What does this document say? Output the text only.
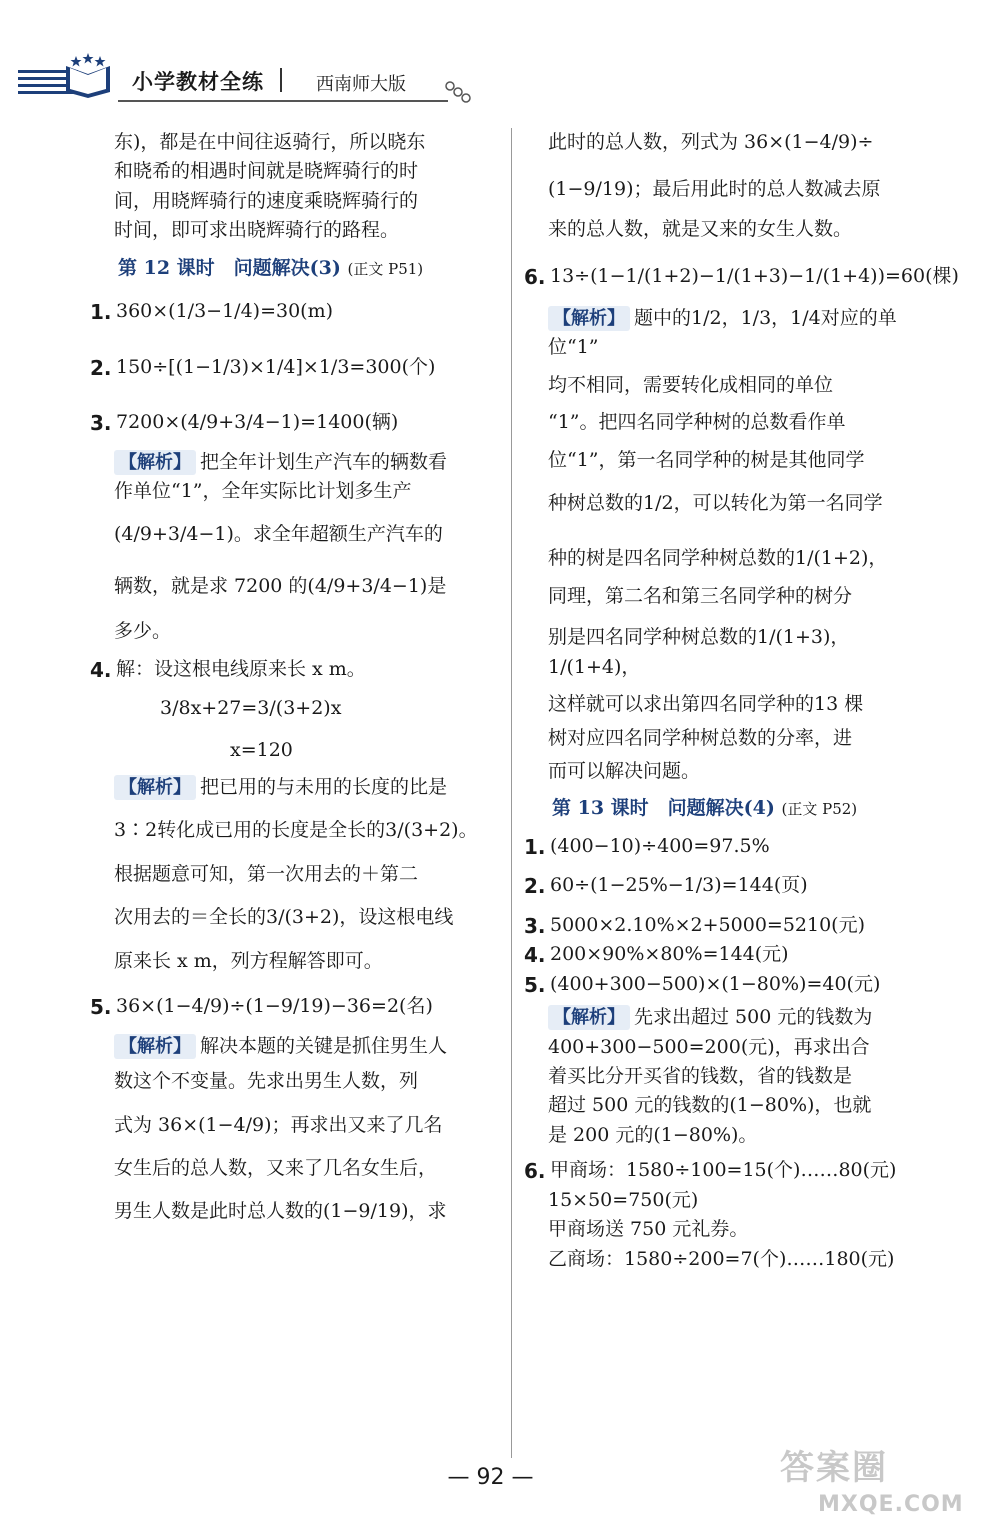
小学教材全练	西南师大版
东)，都是在中间往返骑行，所以晓东
和晓希的相遇时间就是晓辉骑行的时
间，用晓辉骑行的速度乘晓辉骑行的
时间，即可求出晓辉骑行的路程。
第 12 课时　问题解决(3) (正文 P51)
1. 360×(1/3−1/4)=30(m)
2. 150÷[(1−1/3)×1/4]×1/3=300(个)
3. 7200×(4/9+3/4−1)=1400(辆)
【解析】 把全年计划生产汽车的辆数看
作单位“1”，全年实际比计划多生产
(4/9+3/4−1)。求全年超额生产汽车的
辆数，就是求 7200 的(4/9+3/4−1)是
多少。
4. 解：设这根电线原来长 x m。
3/8x+27=3/(3+2)x
x=120
【解析】 把已用的与未用的长度的比是
3∶2转化成已用的长度是全长的3/(3+2)。
根据题意可知，第一次用去的＋第二
次用去的＝全长的3/(3+2)，设这根电线
原来长 x m，列方程解答即可。
5. 36×(1−4/9)÷(1−9/19)−36=2(名)
【解析】 解决本题的关键是抓住男生人
数这个不变量。先求出男生人数，列
式为 36×(1−4/9)；再求出又来了几名
女生后的总人数，又来了几名女生后，
男生人数是此时总人数的(1−9/19)，求
此时的总人数，列式为 36×(1−4/9)÷
(1−9/19)；最后用此时的总人数减去原
来的总人数，就是又来的女生人数。
6. 13÷(1−1/(1+2)−1/(1+3)−1/(1+4))=60(棵)
【解析】 题中的1/2，1/3，1/4对应的单位“1”
均不相同，需要转化成相同的单位
“1”。把四名同学种树的总数看作单
位“1”，第一名同学种的树是其他同学
种树总数的1/2，可以转化为第一名同学
种的树是四名同学种树总数的1/(1+2)，
同理，第二名和第三名同学种的树分
别是四名同学种树总数的1/(1+3)，1/(1+4)，
这样就可以求出第四名同学种的13 棵
树对应四名同学种树总数的分率，进
而可以解决问题。
第 13 课时　问题解决(4) (正文 P52)
1. (400−10)÷400=97.5%
2. 60÷(1−25%−1/3)=144(页)
3. 5000×2.10%×2+5000=5210(元)
4. 200×90%×80%=144(元)
5. (400+300−500)×(1−80%)=40(元)
【解析】 先求出超过 500 元的钱数为
400+300−500=200(元)，再求出合
着买比分开买省的钱数，省的钱数是
超过 500 元的钱数的(1−80%)，也就
是 200 元的(1−80%)。
6. 甲商场：1580÷100=15(个)……80(元)
15×50=750(元)
甲商场送 750 元礼券。
乙商场：1580÷200=7(个)……180(元)
— 92 —	答案圈
MXQE.COM
